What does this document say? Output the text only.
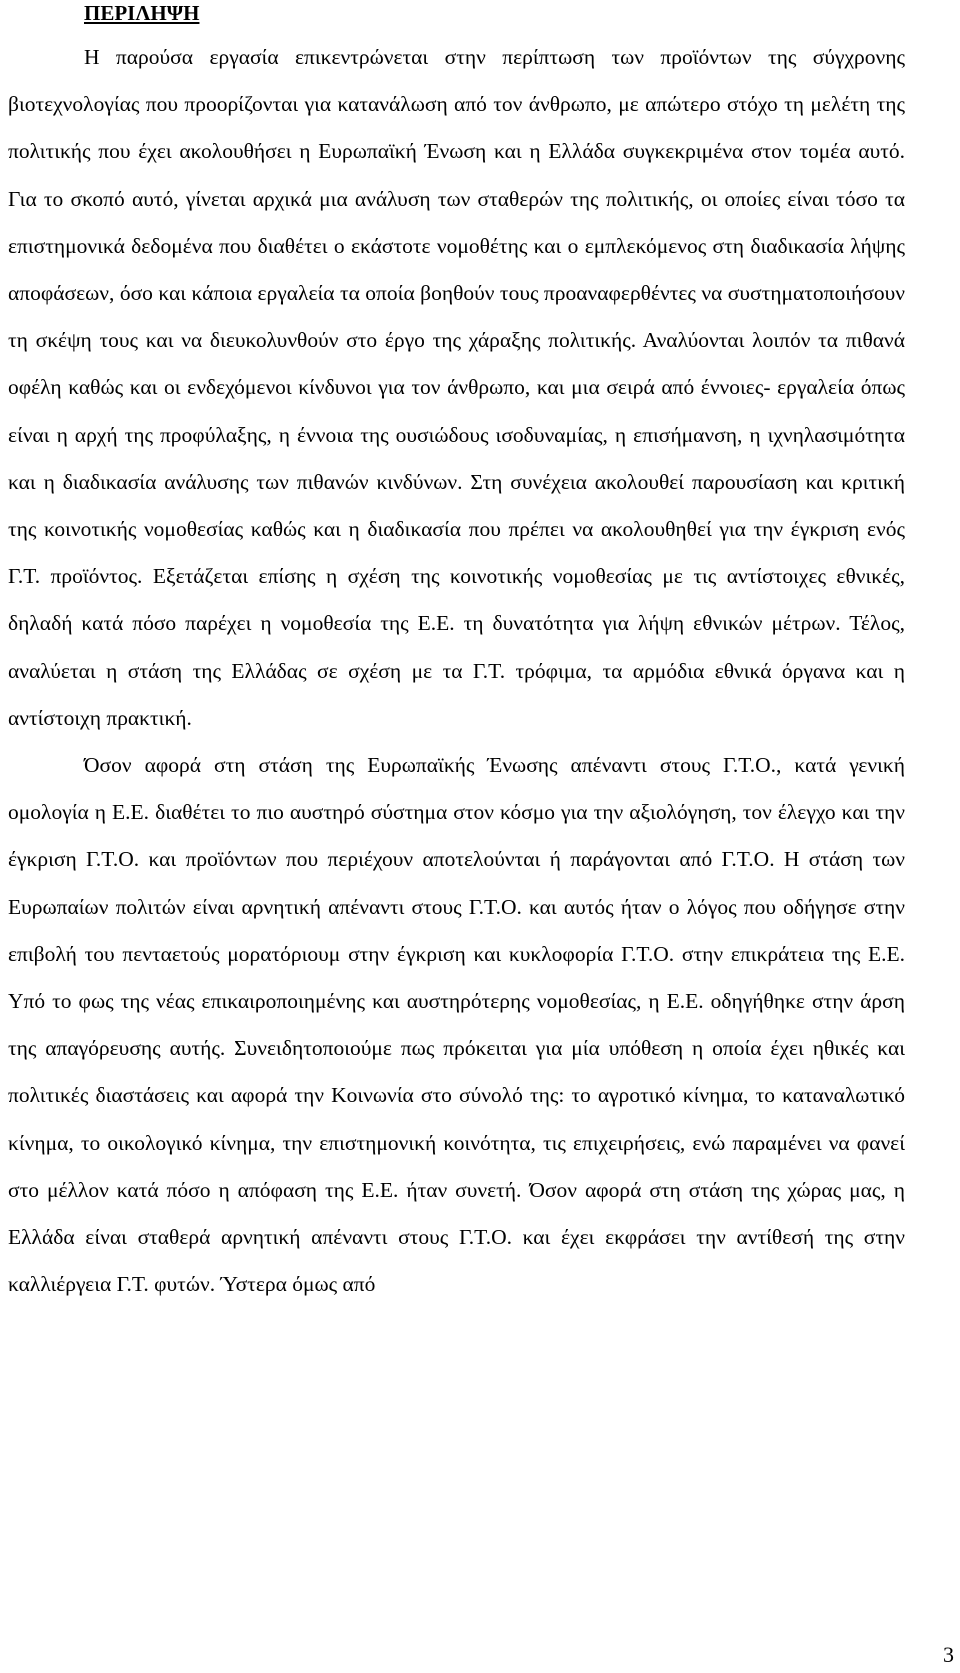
ΠΕΡΙΛΗΨΗ

Η παρούσα εργασία επικεντρώνεται στην περίπτωση των προϊόντων της σύγχρονης βιοτεχνολογίας που προορίζονται για κατανάλωση από τον άνθρωπο, με απώτερο στόχο τη μελέτη της πολιτικής που έχει ακολουθήσει η Ευρωπαϊκή Ένωση και η Ελλάδα συγκεκριμένα στον τομέα αυτό. Για το σκοπό αυτό, γίνεται αρχικά μια ανάλυση των σταθερών της πολιτικής, οι οποίες είναι τόσο τα επιστημονικά δεδομένα που διαθέτει ο εκάστοτε νομοθέτης και ο εμπλεκόμενος στη διαδικασία λήψης αποφάσεων, όσο και κάποια εργαλεία τα οποία βοηθούν τους προαναφερθέντες να συστηματοποιήσουν τη σκέψη τους και να διευκολυνθούν στο έργο της χάραξης πολιτικής. Αναλύονται λοιπόν τα πιθανά οφέλη καθώς και οι ενδεχόμενοι κίνδυνοι για τον άνθρωπο, και μια σειρά από έννοιες- εργαλεία όπως είναι η αρχή της προφύλαξης, η έννοια της ουσιώδους ισοδυναμίας, η επισήμανση, η ιχνηλασιμότητα και η διαδικασία ανάλυσης των πιθανών κινδύνων. Στη συνέχεια ακολουθεί παρουσίαση και κριτική της κοινοτικής νομοθεσίας καθώς και η διαδικασία που πρέπει να ακολουθηθεί για την έγκριση ενός Γ.Τ. προϊόντος. Εξετάζεται επίσης η σχέση της κοινοτικής νομοθεσίας με τις αντίστοιχες εθνικές, δηλαδή κατά πόσο παρέχει η νομοθεσία της Ε.Ε. τη δυνατότητα για λήψη εθνικών μέτρων. Τέλος, αναλύεται η στάση της Ελλάδας σε σχέση με τα Γ.Τ. τρόφιμα, τα αρμόδια εθνικά όργανα και η αντίστοιχη πρακτική.

Όσον αφορά στη στάση της Ευρωπαϊκής Ένωσης απέναντι στους Γ.Τ.Ο., κατά γενική ομολογία η Ε.Ε. διαθέτει το πιο αυστηρό σύστημα στον κόσμο για την αξιολόγηση, τον έλεγχο και την έγκριση Γ.Τ.Ο. και προϊόντων που περιέχουν αποτελούνται ή παράγονται από Γ.Τ.Ο. Η στάση των Ευρωπαίων πολιτών είναι αρνητική απέναντι στους Γ.Τ.Ο. και αυτός ήταν ο λόγος που οδήγησε στην επιβολή του πενταετούς μορατόριουμ στην έγκριση και κυκλοφορία Γ.Τ.Ο. στην επικράτεια της Ε.Ε. Υπό το φως της νέας επικαιροποιημένης και αυστηρότερης νομοθεσίας, η Ε.Ε. οδηγήθηκε στην άρση της απαγόρευσης αυτής. Συνειδητοποιούμε πως πρόκειται για μία υπόθεση η οποία έχει ηθικές και πολιτικές διαστάσεις και αφορά την Κοινωνία στο σύνολό της: το αγροτικό κίνημα, το καταναλωτικό κίνημα, το οικολογικό κίνημα, την επιστημονική κοινότητα, τις επιχειρήσεις, ενώ παραμένει να φανεί στο μέλλον κατά πόσο η απόφαση της Ε.Ε. ήταν συνετή. Όσον αφορά στη στάση της χώρας μας, η Ελλάδα είναι σταθερά αρνητική απέναντι στους Γ.Τ.Ο. και έχει εκφράσει την αντίθεσή της στην καλλιέργεια Γ.Τ. φυτών. Ύστερα όμως από

3
